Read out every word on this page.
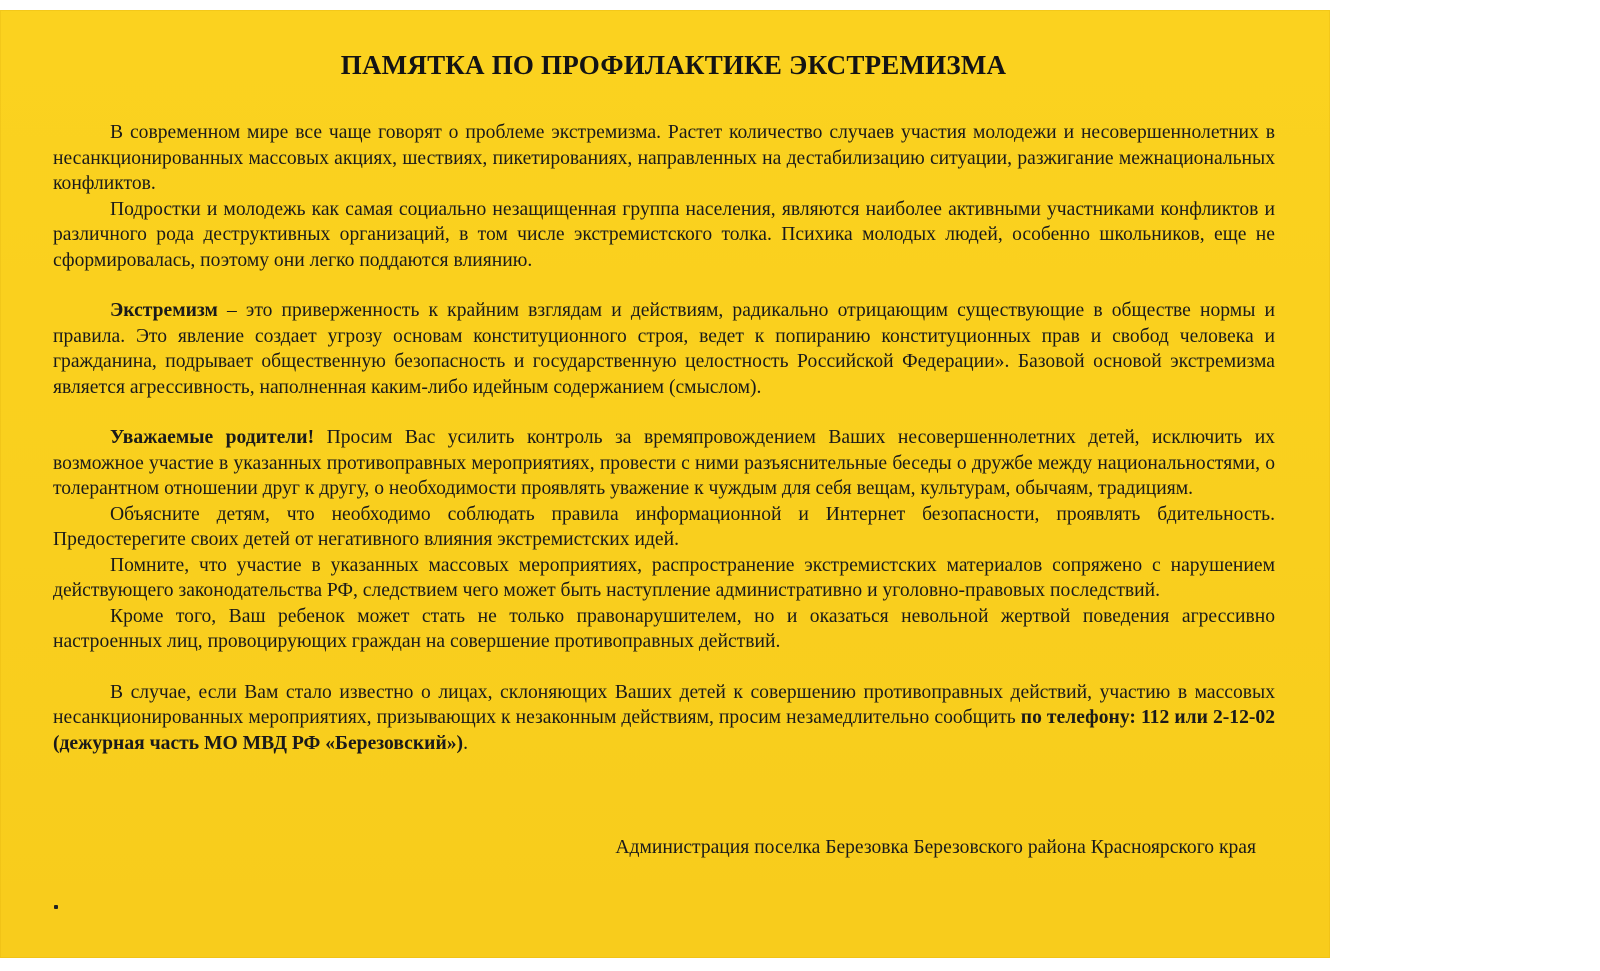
ПАМЯТКА ПО ПРОФИЛАКТИКЕ ЭКСТРЕМИЗМА

В современном мире все чаще говорят о проблеме экстремизма. Растет количество случаев участия молодежи и несовершеннолетних в несанкционированных массовых акциях, шествиях, пикетированиях, направленных на дестабилизацию ситуации, разжигание межнациональных конфликтов.

Подростки и молодежь как самая социально незащищенная группа населения, являются наиболее активными участниками конфликтов и различного рода деструктивных организаций, в том числе экстремистского толка. Психика молодых людей, особенно школьников, еще не сформировалась, поэтому они легко поддаются влиянию.

Экстремизм – это приверженность к крайним взглядам и действиям, радикально отрицающим существующие в обществе нормы и правила. Это явление создает угрозу основам конституционного строя, ведет к попиранию конституционных прав и свобод человека и гражданина, подрывает общественную безопасность и государственную целостность Российской Федерации». Базовой основой экстремизма является агрессивность, наполненная каким-либо идейным содержанием (смыслом).

Уважаемые родители! Просим Вас усилить контроль за времяпровождением Ваших несовершеннолетних детей, исключить их возможное участие в указанных противоправных мероприятиях, провести с ними разъяснительные беседы о дружбе между национальностями, о толерантном отношении друг к другу, о необходимости проявлять уважение к чуждым для себя вещам, культурам, обычаям, традициям.

Объясните детям, что необходимо соблюдать правила информационной и Интернет безопасности, проявлять бдительность. Предостерегите своих детей от негативного влияния экстремистских идей.

Помните, что участие в указанных массовых мероприятиях, распространение экстремистских материалов сопряжено с нарушением действующего законодательства РФ, следствием чего может быть наступление административно и уголовно-правовых последствий.

Кроме того, Ваш ребенок может стать не только правонарушителем, но и оказаться невольной жертвой поведения агрессивно настроенных лиц, провоцирующих граждан на совершение противоправных действий.

В случае, если Вам стало известно о лицах, склоняющих Ваших детей к совершению противоправных действий, участию в массовых несанкционированных мероприятиях, призывающих к незаконным действиям, просим незамедлительно сообщить по телефону: 112 или 2-12-02 (дежурная часть МО МВД РФ «Березовский»).

Администрация поселка Березовка Березовского района Красноярского края
